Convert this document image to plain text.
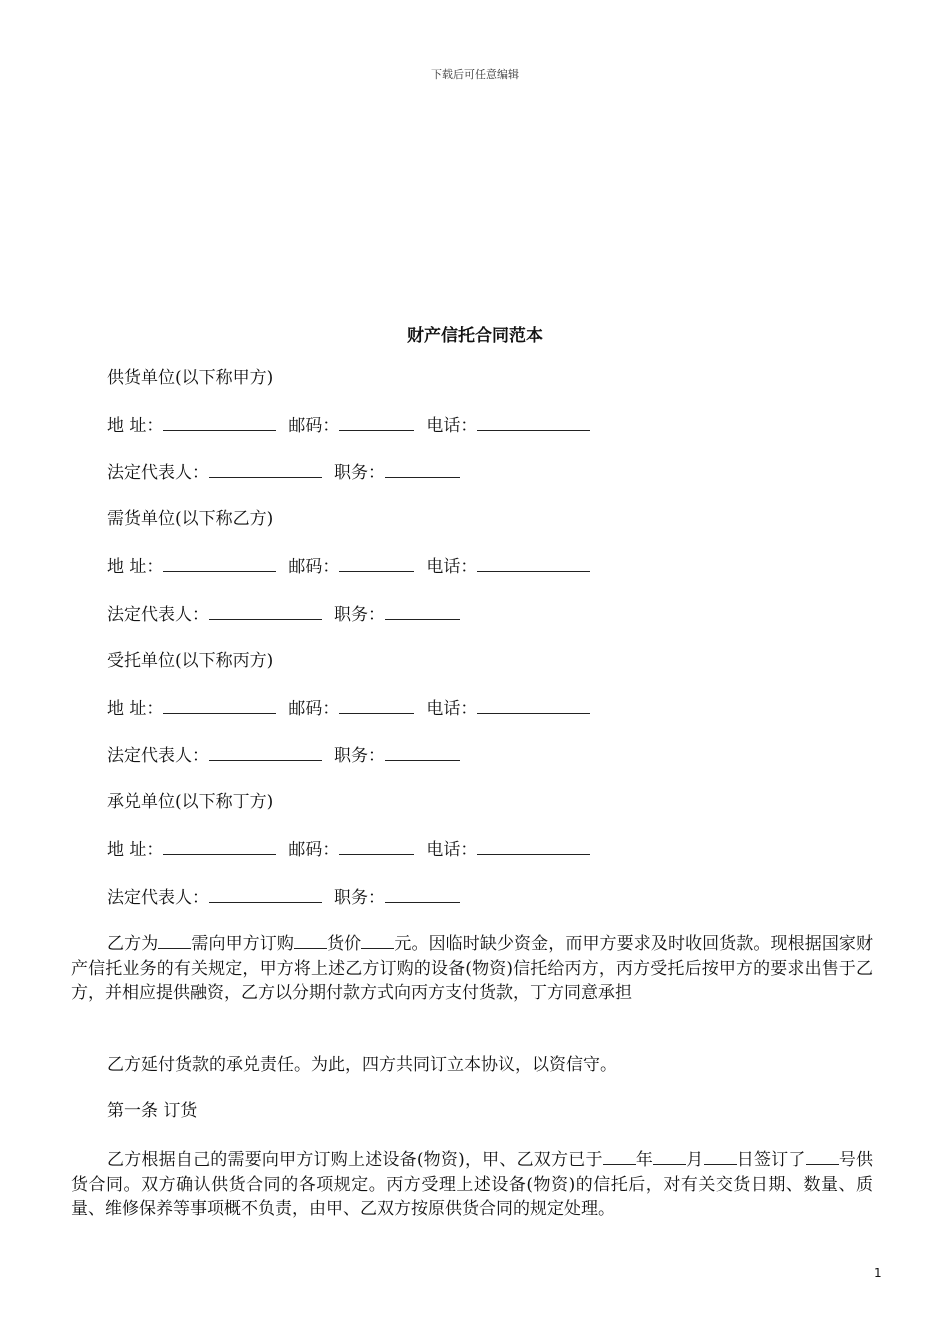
下载后可任意编辑
财产信托合同范本
供货单位(以下称甲方)
地 址：	邮码：	电话：
法定代表人：	职务：
需货单位(以下称乙方)
地 址：	邮码：	电话：
法定代表人：	职务：
受托单位(以下称丙方)
地 址：	邮码：	电话：
法定代表人：	职务：
承兑单位(以下称丁方)
地 址：	邮码：	电话：
法定代表人：	职务：
乙方为 需向甲方订购 货价 元。因临时缺少资金，而甲方要求及时收回货款。现根据国家财产信托业务的有关规定，甲方将上述乙方订购的设备(物资)信托给丙方，丙方受托后按甲方的要求出售于乙方，并相应提供融资，乙方以分期付款方式向丙方支付货款，丁方同意承担
乙方延付货款的承兑责任。为此，四方共同订立本协议，以资信守。
第一条 订货
乙方根据自己的需要向甲方订购上述设备(物资)，甲、乙双方已于 年 月 日签订了 号供货合同。双方确认供货合同的各项规定。丙方受理上述设备(物资)的信托后，对有关交货日期、数量、质量、维修保养等事项概不负责，由甲、乙双方按原供货合同的规定处理。
1
